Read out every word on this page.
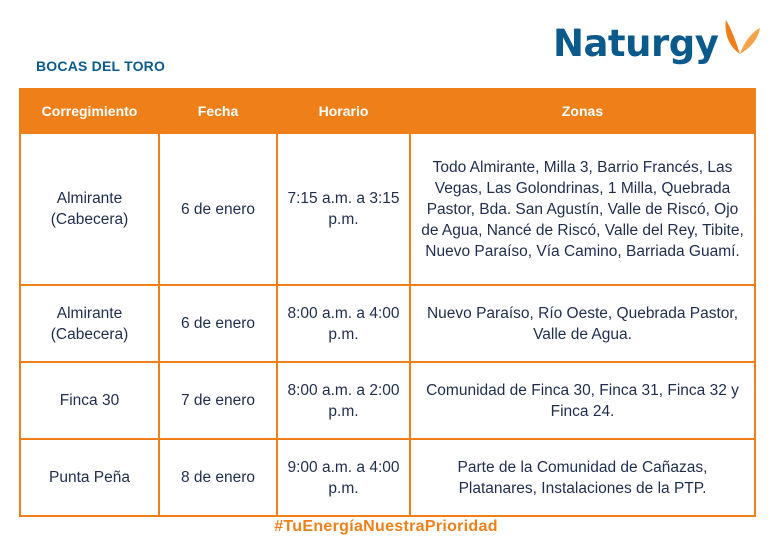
BOCAS DEL TORO
Naturgy
Corregimiento	Fecha	Horario	Zonas
Almirante (Cabecera)	6 de enero	7:15 a.m. a 3:15 p.m.	Todo Almirante, Milla 3, Barrio Francés, Las Vegas, Las Golondrinas, 1 Milla, Quebrada Pastor, Bda. San Agustín, Valle de Riscó, Ojo de Agua, Nancé de Riscó, Valle del Rey, Tibite, Nuevo Paraíso, Vía Camino, Barriada Guamí.
Almirante (Cabecera)	6 de enero	8:00 a.m. a 4:00 p.m.	Nuevo Paraíso, Río Oeste, Quebrada Pastor, Valle de Agua.
Finca 30	7 de enero	8:00 a.m. a 2:00 p.m.	Comunidad de Finca 30, Finca 31, Finca 32 y Finca 24.
Punta Peña	8 de enero	9:00 a.m. a 4:00 p.m.	Parte de la Comunidad de Cañazas, Platanares, Instalaciones de la PTP.
#TuEnergíaNuestraPrioridad
